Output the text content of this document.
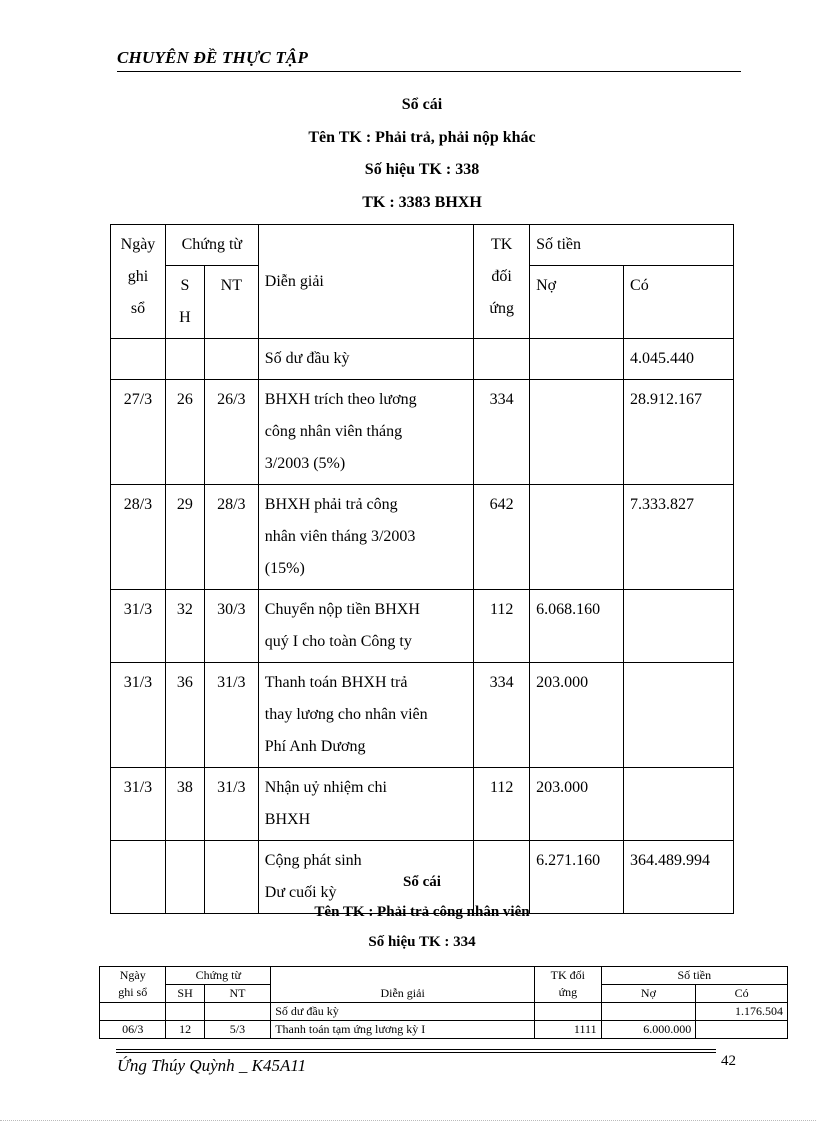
CHUYÊN ĐỀ THỰC TẬP
Sổ cái
Tên TK : Phải trả, phải nộp khác
Số hiệu TK : 338
TK : 3383 BHXH
Ngày
ghi
sổ	Chứng từ		Diễn giải	TK
đối
ứng	Số tiền	

	S
H	NT			Nợ	Có

			Số dư đầu kỳ			4.045.440
27/3	26	26/3	BHXH trích theo lương
công nhân viên tháng
3/2003 (5%)	334		28.912.167
28/3	29	28/3	BHXH phải trả công
nhân viên tháng 3/2003
(15%)	642		7.333.827
31/3	32	30/3	Chuyển nộp tiền BHXH
quý I cho toàn Công ty	112	6.068.160	
31/3	36	31/3	Thanh toán BHXH trả
thay lương cho nhân viên
Phí Anh Dương	334	203.000	
31/3	38	31/3	Nhận uỷ nhiệm chi
BHXH	112	203.000	

			Cộng phát sinh
Dư cuối kỳ		6.271.160	364.489.994
Sổ cái
Tên TK : Phải trả công nhân viên
Số hiệu TK : 334
Ngày
ghi sổ	Chứng từ		Diễn giải	TK đối
ứng	Số tiền	
	SH	NT			Nợ	Có
			Số dư đầu kỳ			1.176.504
06/3	12	5/3	Thanh toán tạm ứng lương kỳ I	1111	6.000.000	
Ứng Thúy Quỳnh _ K45A11	42
